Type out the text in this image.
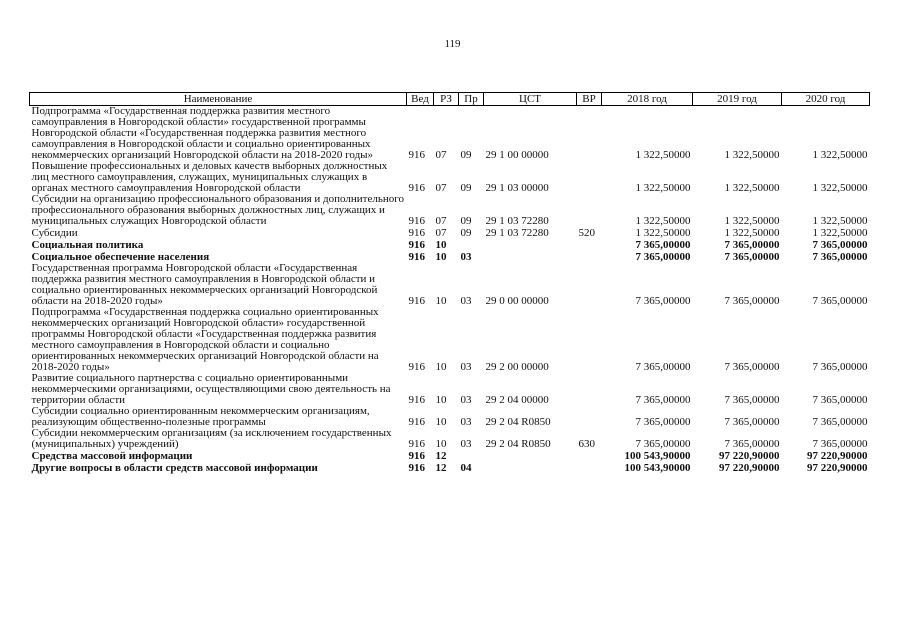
119
Наименование	Вед	РЗ	Пр	ЦСТ	ВР	2018 год	2019 год	2020 год
Подпрограмма «Государственная поддержка развития местного самоуправления в Новгородской области» государственной программы Новгородской области «Государственная поддержка развития местного самоуправления в Новгородской области и социально ориентированных некоммерческих организаций Новгородской области на 2018-2020 годы»	916	07	09	29 1 00 00000		1 322,50000	1 322,50000	1 322,50000
Повышение профессиональных и деловых качеств выборных должностных лиц местного самоуправления, служащих, муниципальных служащих в органах местного самоуправления Новгородской области	916	07	09	29 1 03 00000		1 322,50000	1 322,50000	1 322,50000
Субсидии на организацию профессионального образования и дополнительного профессионального образования выборных должностных лиц, служащих и муниципальных служащих Новгородской области	916	07	09	29 1 03 72280		1 322,50000	1 322,50000	1 322,50000
Субсидии	916	07	09	29 1 03 72280	520	1 322,50000	1 322,50000	1 322,50000
Социальная политика	916	10				7 365,00000	7 365,00000	7 365,00000
Социальное обеспечение населения	916	10	03			7 365,00000	7 365,00000	7 365,00000
Государственная программа Новгородской области «Государственная поддержка развития местного самоуправления в Новгородской области и социально ориентированных некоммерческих организаций Новгородской области на 2018-2020 годы»	916	10	03	29 0 00 00000		7 365,00000	7 365,00000	7 365,00000
Подпрограмма «Государственная поддержка социально ориентированных некоммерческих организаций Новгородской области» государственной программы Новгородской области «Государственная поддержка развития местного самоуправления в Новгородской области и социально ориентированных некоммерческих организаций Новгородской области на 2018-2020 годы»	916	10	03	29 2 00 00000		7 365,00000	7 365,00000	7 365,00000
Развитие социального партнерства с социально ориентированными некоммерческими организациями, осуществляющими свою деятельность на территории области	916	10	03	29 2 04 00000		7 365,00000	7 365,00000	7 365,00000
Субсидии социально ориентированным некоммерческим организациям, реализующим общественно-полезные программы	916	10	03	29 2 04 R0850		7 365,00000	7 365,00000	7 365,00000
Субсидии некоммерческим организациям (за исключением государственных (муниципальных) учреждений)	916	10	03	29 2 04 R0850	630	7 365,00000	7 365,00000	7 365,00000
Средства массовой информации	916	12				100 543,90000	97 220,90000	97 220,90000
Другие вопросы в области средств массовой информации	916	12	04			100 543,90000	97 220,90000	97 220,90000
